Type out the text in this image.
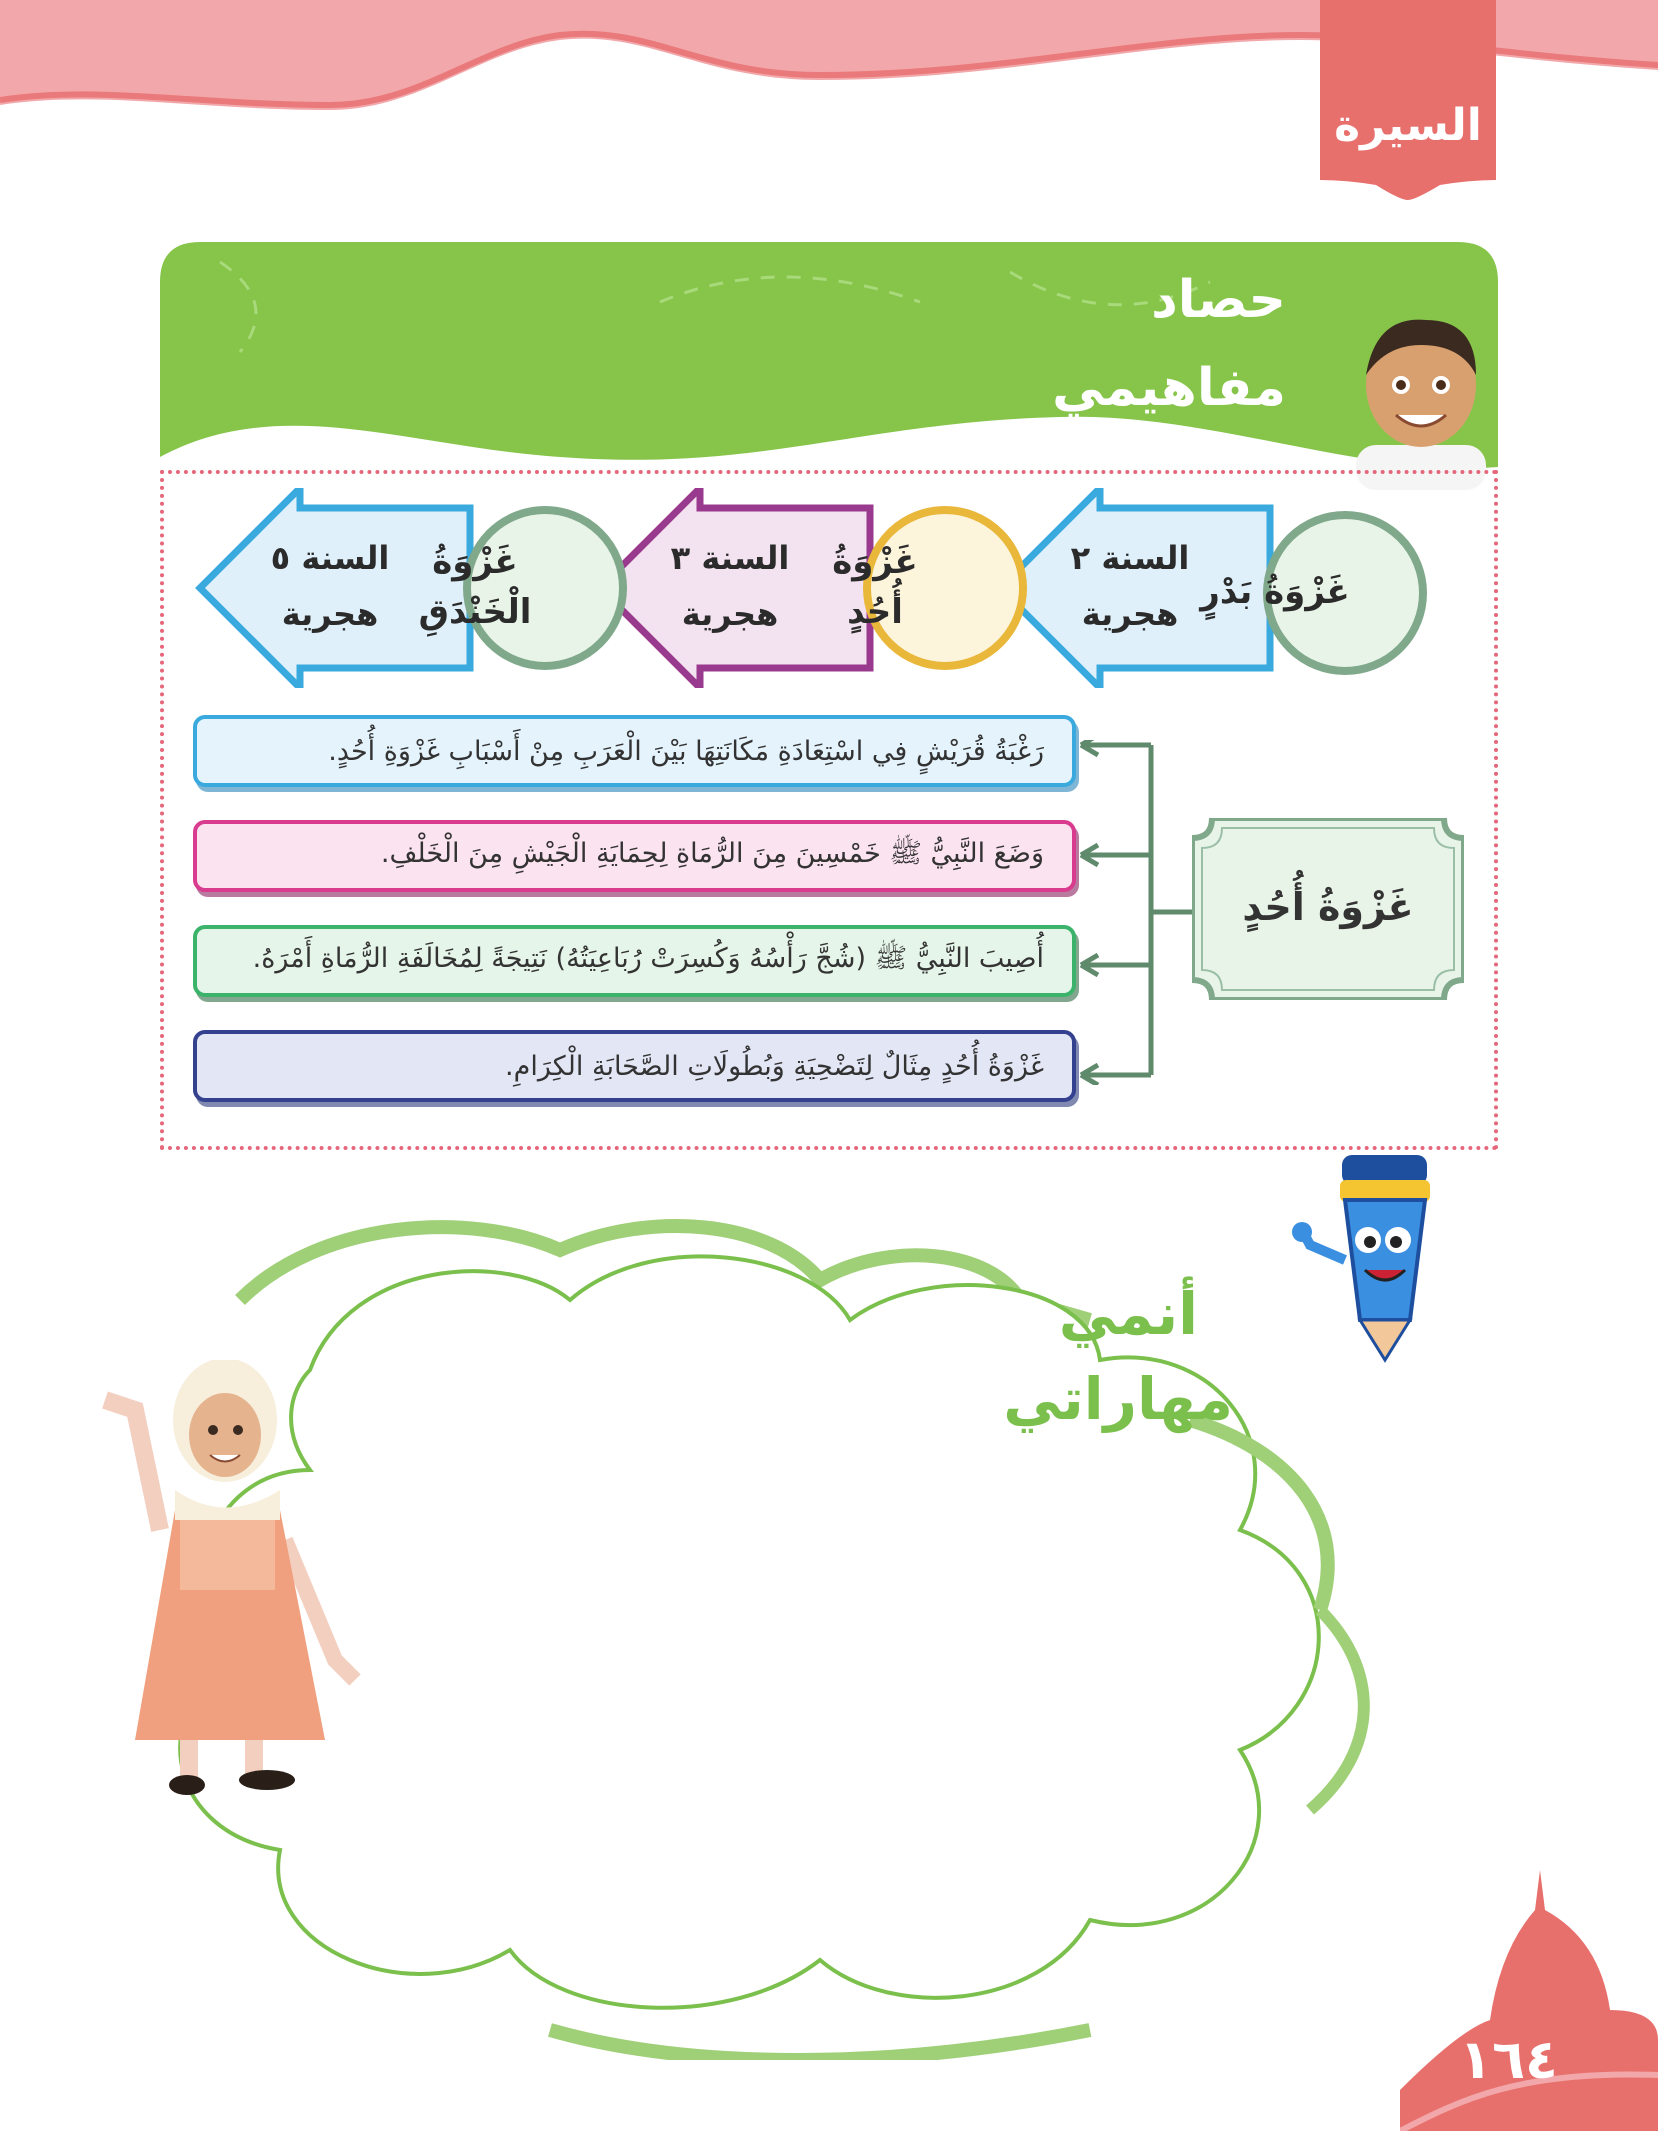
السيرة
حصاد
مفاهيمي
غَزْوَةُ بَدْرٍ
السنة ٢
هجرية
غَزْوَةُ
أُحُدٍ
السنة ٣
هجرية
غَزْوَةُ
الْخَنْدَقِ
السنة ٥
هجرية
غَزْوَةُ أُحُدٍ
رَغْبَةُ قُرَيْشٍ فِي اسْتِعَادَةِ مَكَانَتِهَا بَيْنَ الْعَرَبِ مِنْ أَسْبَابِ غَزْوَةِ أُحُدٍ.
وَضَعَ النَّبِيُّ ﷺ خَمْسِينَ مِنَ الرُّمَاةِ لِحِمَايَةِ الْجَيْشِ مِنَ الْخَلْفِ.
أُصِيبَ النَّبِيُّ ﷺ (شُجَّ رَأْسُهُ وَكُسِرَتْ رُبَاعِيَتُهُ) نَتِيجَةً لِمُخَالَفَةِ الرُّمَاةِ أَمْرَهُ.
غَزْوَةُ أُحُدٍ مِثَالٌ لِتَضْحِيَةِ وَبُطُولَاتِ الصَّحَابَةِ الْكِرَامِ.
أنمي
مهاراتي
١٦٤
